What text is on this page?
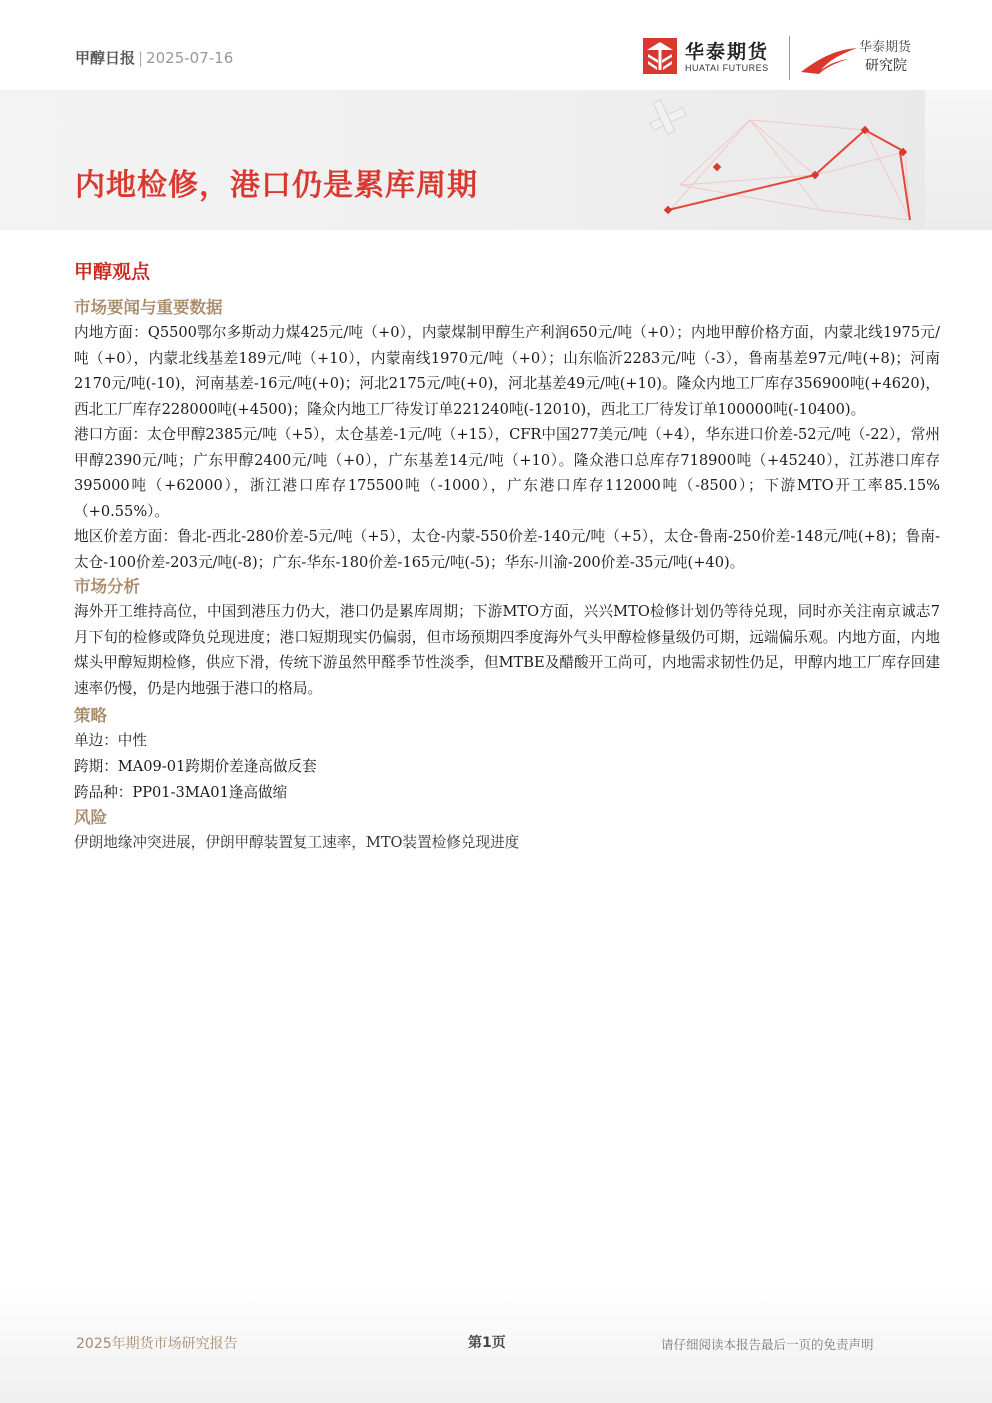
甲醇日报 | 2025-07-16	华泰期货
HUATAI FUTURES
华泰期货
研究院
内地检修，港口仍是累库周期
甲醇观点
市场要闻与重要数据

内地方面：Q5500鄂尔多斯动力煤425元/吨（+0），内蒙煤制甲醇生产利润650元/吨（+0）；内地甲醇价格方面，内蒙北线1975元/吨（+0），内蒙北线基差189元/吨（+10），内蒙南线1970元/吨（+0）；山东临沂2283元/吨（-3），鲁南基差97元/吨(+8)；河南2170元/吨(-10)，河南基差-16元/吨(+0)；河北2175元/吨(+0)，河北基差49元/吨(+10)。隆众内地工厂库存356900吨(+4620)，西北工厂库存228000吨(+4500)；隆众内地工厂待发订单221240吨(-12010)，西北工厂待发订单100000吨(-10400)。

港口方面：太仓甲醇2385元/吨（+5），太仓基差-1元/吨（+15），CFR中国277美元/吨（+4），华东进口价差-52元/吨（-22），常州甲醇2390元/吨；广东甲醇2400元/吨（+0），广东基差14元/吨（+10）。隆众港口总库存718900吨（+45240），江苏港口库存395000吨（+62000），浙江港口库存175500吨（-1000），广东港口库存112000吨（-8500）；下游MTO开工率85.15%（+0.55%）。

地区价差方面：鲁北-西北-280价差-5元/吨（+5），太仓-内蒙-550价差-140元/吨（+5），太仓-鲁南-250价差-148元/吨(+8)；鲁南-太仓-100价差-203元/吨(-8)；广东-华东-180价差-165元/吨(-5)；华东-川渝-200价差-35元/吨(+40)。

市场分析

海外开工维持高位，中国到港压力仍大，港口仍是累库周期；下游MTO方面，兴兴MTO检修计划仍等待兑现，同时亦关注南京诚志7月下旬的检修或降负兑现进度；港口短期现实仍偏弱，但市场预期四季度海外气头甲醇检修量级仍可期，远端偏乐观。内地方面，内地煤头甲醇短期检修，供应下滑，传统下游虽然甲醛季节性淡季，但MTBE及醋酸开工尚可，内地需求韧性仍足，甲醇内地工厂库存回建速率仍慢，仍是内地强于港口的格局。

策略

单边：中性

跨期：MA09-01跨期价差逢高做反套

跨品种：PP01-3MA01逢高做缩

风险

伊朗地缘冲突进展，伊朗甲醇装置复工速率，MTO装置检修兑现进度

2025年期货市场研究报告	第1页	请仔细阅读本报告最后一页的免责声明
